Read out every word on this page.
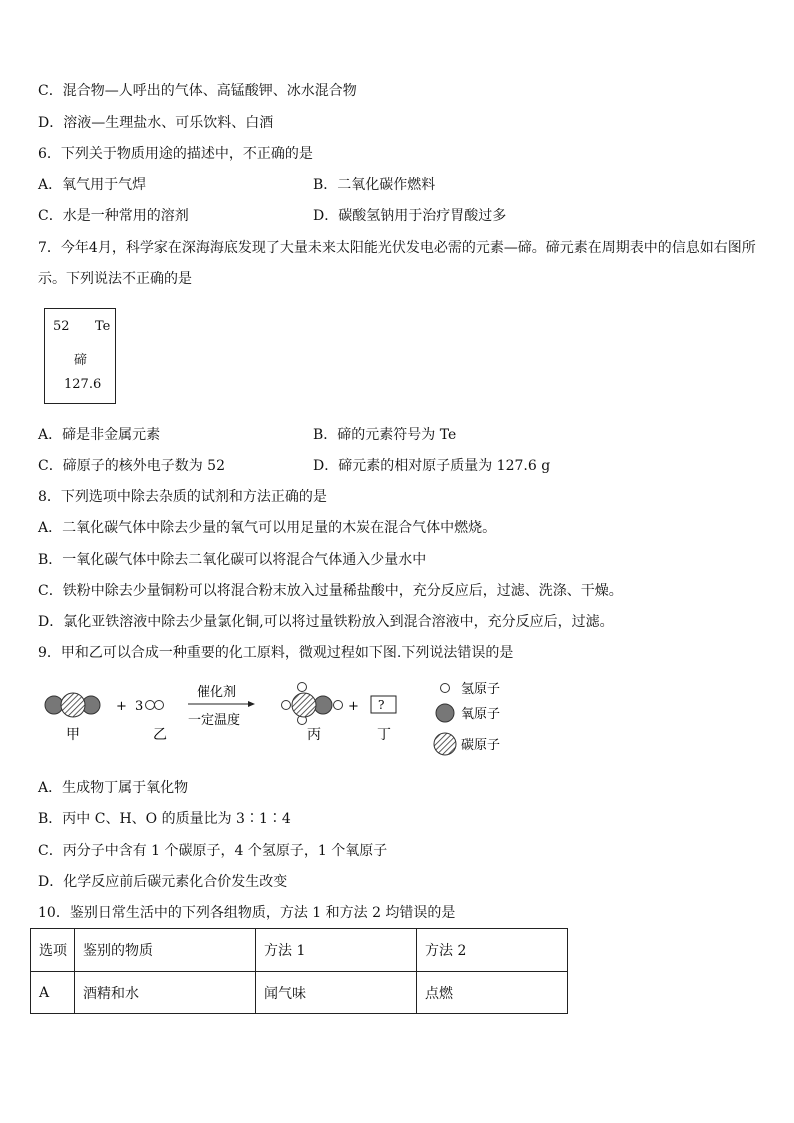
C．混合物—人呼出的气体、高锰酸钾、冰水混合物
D．溶液—生理盐水、可乐饮料、白酒
6．下列关于物质用途的描述中，不正确的是
A．氧气用于气焊	B．二氧化碳作燃料
C．水是一种常用的溶剂	D．碳酸氢钠用于治疗胃酸过多
7．今年4月，科学家在深海海底发现了大量未来太阳能光伏发电必需的元素—碲。碲元素在周期表中的信息如右图所
示。下列说法不正确的是
52 Te
碲
127.6
A．碲是非金属元素	B．碲的元素符号为 Te
C．碲原子的核外电子数为 52	D．碲元素的相对原子质量为 127.6 g
8．下列选项中除去杂质的试剂和方法正确的是
A．二氧化碳气体中除去少量的氧气可以用足量的木炭在混合气体中燃烧。
B．一氧化碳气体中除去二氧化碳可以将混合气体通入少量水中
C．铁粉中除去少量铜粉可以将混合粉末放入过量稀盐酸中，充分反应后，过滤、洗涤、干燥。
D．氯化亚铁溶液中除去少量氯化铜,可以将过量铁粉放入到混合溶液中，充分反应后，过滤。
9．甲和乙可以合成一种重要的化工原料，微观过程如下图.下列说法错误的是
+ 3
催化剂
一定温度
+ ?
甲	乙	丙	丁
氢原子
氧原子
碳原子
A．生成物丁属于氧化物
B．丙中 C、H、O 的质量比为 3∶1∶4
C．丙分子中含有 1 个碳原子，4 个氢原子，1 个氧原子
D．化学反应前后碳元素化合价发生改变
10．鉴别日常生活中的下列各组物质，方法 1 和方法 2 均错误的是
选项	鉴别的物质	方法 1	方法 2
A	酒精和水	闻气味	点燃
